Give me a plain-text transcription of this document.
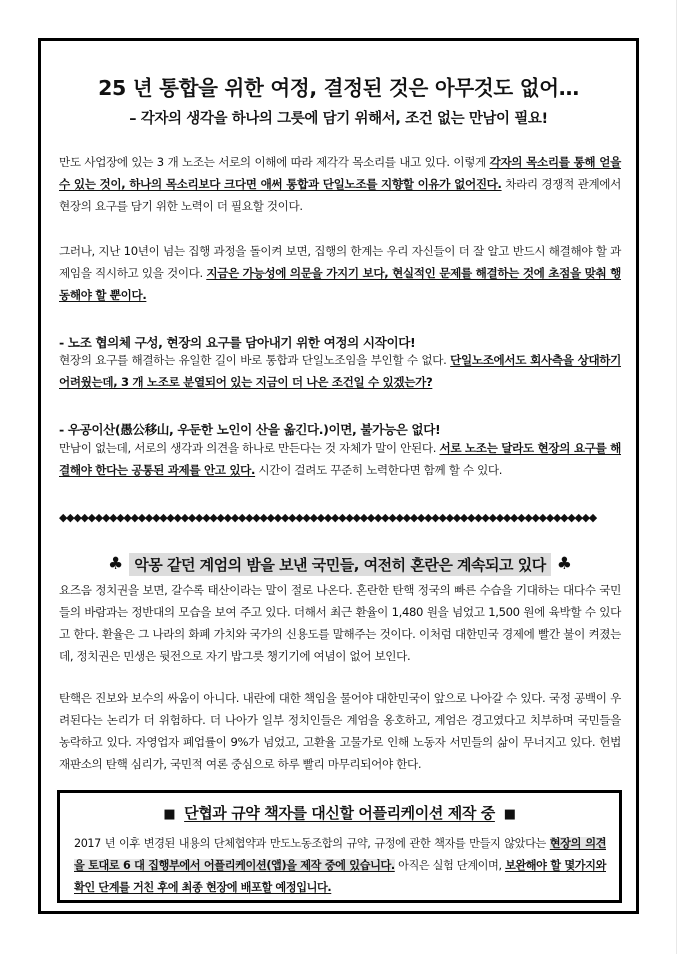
25 년 통합을 위한 여정, 결정된 것은 아무것도 없어…
– 각자의 생각을 하나의 그릇에 담기 위해서, 조건 없는 만남이 필요!
만도 사업장에 있는 3 개 노조는 서로의 이해에 따라 제각각 목소리를 내고 있다. 이렇게 각자의 목소리를 통해 얻을 수 있는 것이, 하나의 목소리보다 크다면 애써 통합과 단일노조를 지향할 이유가 없어진다. 차라리 경쟁적 관계에서 현장의 요구를 담기 위한 노력이 더 필요할 것이다.
그러나, 지난 10년이 넘는 집행 과정을 돌이켜 보면, 집행의 한계는 우리 자신들이 더 잘 알고 반드시 해결해야 할 과제임을 직시하고 있을 것이다. 지금은 가능성에 의문을 가지기 보다, 현실적인 문제를 해결하는 것에 초점을 맞춰 행동해야 할 뿐이다.
- 노조 협의체 구성, 현장의 요구를 담아내기 위한 여정의 시작이다!
현장의 요구를 해결하는 유일한 길이 바로 통합과 단일노조임을 부인할 수 없다. 단일노조에서도 회사측을 상대하기 어려웠는데, 3 개 노조로 분열되어 있는 지금이 더 나은 조건일 수 있겠는가?
- 우공이산(愚公移山, 우둔한 노인이 산을 옮긴다.)이면, 불가능은 없다!
만남이 없는데, 서로의 생각과 의견을 하나로 만든다는 것 자체가 말이 안된다. 서로 노조는 달라도 현장의 요구를 해결해야 한다는 공통된 과제를 안고 있다. 시간이 걸려도 꾸준히 노력한다면 함께 할 수 있다.
◆◆◆◆◆◆◆◆◆◆◆◆◆◆◆◆◆◆◆◆◆◆◆◆◆◆◆◆◆◆◆◆◆◆◆◆◆◆◆◆◆◆◆◆◆◆◆◆◆◆◆◆◆◆◆◆◆◆◆◆◆◆◆◆◆◆◆◆◆◆◆◆◆◆◆
♣ 악몽 같던 계엄의 밤을 보낸 국민들, 여전히 혼란은 계속되고 있다 ♣
요즈음 정치권을 보면, 갈수록 태산이라는 말이 절로 나온다. 혼란한 탄핵 정국의 빠른 수습을 기대하는 대다수 국민들의 바람과는 정반대의 모습을 보여 주고 있다. 더해서 최근 환율이 1,480 원을 넘었고 1,500 원에 육박할 수 있다고 한다. 환율은 그 나라의 화폐 가치와 국가의 신용도를 말해주는 것이다. 이처럼 대한민국 경제에 빨간 불이 켜졌는데, 정치권은 민생은 뒷전으로 자기 밥그릇 챙기기에 여념이 없어 보인다.
탄핵은 진보와 보수의 싸움이 아니다. 내란에 대한 책임을 물어야 대한민국이 앞으로 나아갈 수 있다. 국정 공백이 우려된다는 논리가 더 위험하다. 더 나아가 일부 정치인들은 계엄을 옹호하고, 계엄은 경고였다고 치부하며 국민들을 농락하고 있다. 자영업자 폐업률이 9%가 넘었고, 고환율 고물가로 인해 노동자 서민들의 삶이 무너지고 있다. 헌법재판소의 탄핵 심리가, 국민적 여론 중심으로 하루 빨리 마무리되어야 한다.
■ 단협과 규약 책자를 대신할 어플리케이션 제작 중 ■
2017 년 이후 변경된 내용의 단체협약과 만도노동조합의 규약, 규정에 관한 책자를 만들지 않았다는 현장의 의견을 토대로 6 대 집행부에서 어플리케이션(앱)을 제작 중에 있습니다. 아직은 실험 단계이며, 보완해야 할 몇가지와 확인 단계를 거친 후에 최종 현장에 배포할 예정입니다.
